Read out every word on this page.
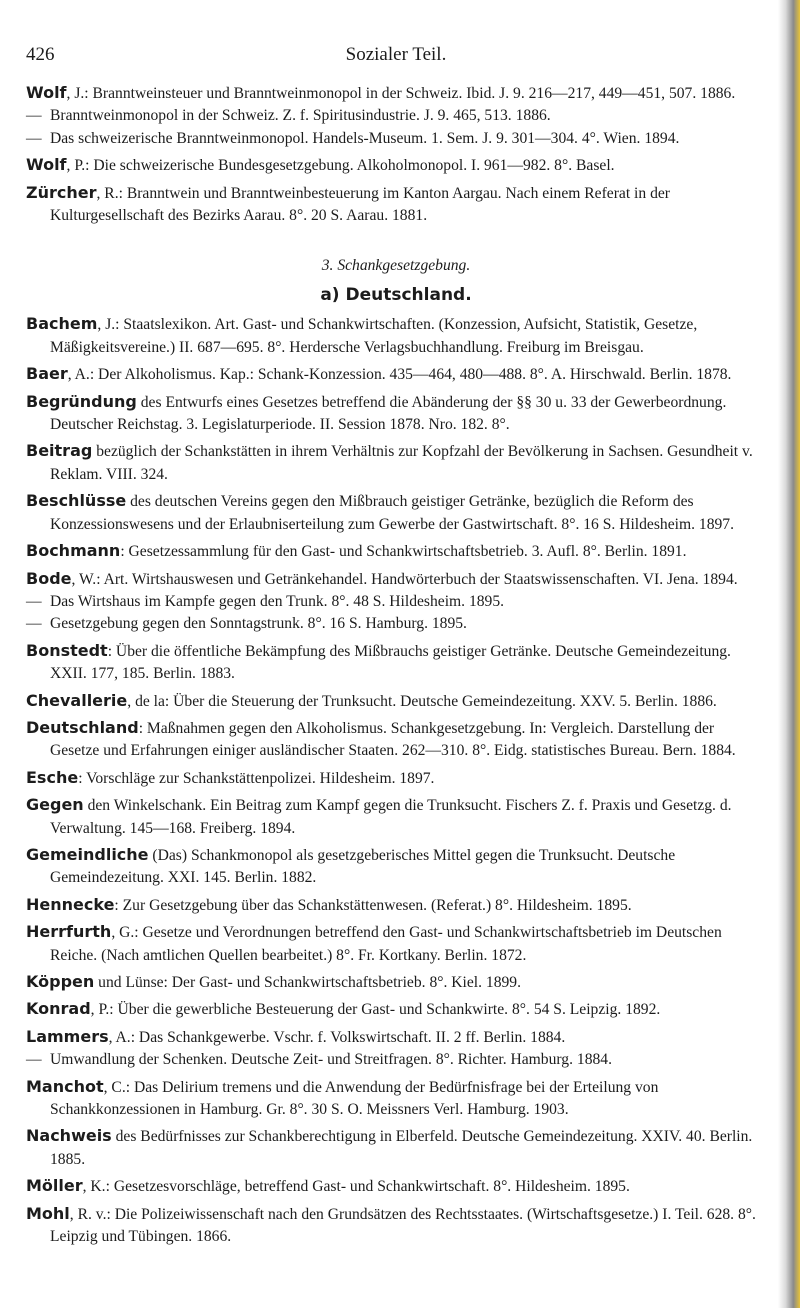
426	Sozialer Teil.

Wolf, J.: Branntweinsteuer und Branntweinmonopol in der Schweiz. Ibid. J. 9. 216—217, 449—451, 507. 1886.

— Branntweinmonopol in der Schweiz. Z. f. Spiritusindustrie. J. 9. 465, 513. 1886.

— Das schweizerische Branntweinmonopol. Handels-Museum. 1. Sem. J. 9. 301—304. 4°. Wien. 1894.

Wolf, P.: Die schweizerische Bundesgesetzgebung. Alkoholmonopol. I. 961—982. 8°. Basel.

Zürcher, R.: Branntwein und Branntweinbesteuerung im Kanton Aargau. Nach einem Referat in der Kulturgesellschaft des Bezirks Aarau. 8°. 20 S. Aarau. 1881.

3. Schankgesetzgebung.
a) Deutschland.

Bachem, J.: Staatslexikon. Art. Gast- und Schankwirtschaften. (Konzession, Aufsicht, Statistik, Gesetze, Mäßigkeitsvereine.) II. 687—695. 8°. Herdersche Verlagsbuchhandlung. Freiburg im Breisgau.

Baer, A.: Der Alkoholismus. Kap.: Schank-Konzession. 435—464, 480—488. 8°. A. Hirschwald. Berlin. 1878.

Begründung des Entwurfs eines Gesetzes betreffend die Abänderung der §§ 30 u. 33 der Gewerbeordnung. Deutscher Reichstag. 3. Legislaturperiode. II. Session 1878. Nro. 182. 8°.

Beitrag bezüglich der Schankstätten in ihrem Verhältnis zur Kopfzahl der Bevölkerung in Sachsen. Gesundheit v. Reklam. VIII. 324.

Beschlüsse des deutschen Vereins gegen den Mißbrauch geistiger Getränke, bezüglich die Reform des Konzessionswesens und der Erlaubniserteilung zum Gewerbe der Gastwirtschaft. 8°. 16 S. Hildesheim. 1897.

Bochmann: Gesetzessammlung für den Gast- und Schankwirtschaftsbetrieb. 3. Aufl. 8°. Berlin. 1891.

Bode, W.: Art. Wirtshauswesen und Getränkehandel. Handwörterbuch der Staatswissenschaften. VI. Jena. 1894.

— Das Wirtshaus im Kampfe gegen den Trunk. 8°. 48 S. Hildesheim. 1895.

— Gesetzgebung gegen den Sonntagstrunk. 8°. 16 S. Hamburg. 1895.

Bonstedt: Über die öffentliche Bekämpfung des Mißbrauchs geistiger Getränke. Deutsche Gemeindezeitung. XXII. 177, 185. Berlin. 1883.

Chevallerie, de la: Über die Steuerung der Trunksucht. Deutsche Gemeindezeitung. XXV. 5. Berlin. 1886.

Deutschland: Maßnahmen gegen den Alkoholismus. Schankgesetzgebung. In: Vergleich. Darstellung der Gesetze und Erfahrungen einiger ausländischer Staaten. 262—310. 8°. Eidg. statistisches Bureau. Bern. 1884.

Esche: Vorschläge zur Schankstättenpolizei. Hildesheim. 1897.

Gegen den Winkelschank. Ein Beitrag zum Kampf gegen die Trunksucht. Fischers Z. f. Praxis und Gesetzg. d. Verwaltung. 145—168. Freiberg. 1894.

Gemeindliche (Das) Schankmonopol als gesetzgeberisches Mittel gegen die Trunksucht. Deutsche Gemeindezeitung. XXI. 145. Berlin. 1882.

Hennecke: Zur Gesetzgebung über das Schankstättenwesen. (Referat.) 8°. Hildesheim. 1895.

Herrfurth, G.: Gesetze und Verordnungen betreffend den Gast- und Schankwirtschaftsbetrieb im Deutschen Reiche. (Nach amtlichen Quellen bearbeitet.) 8°. Fr. Kortkany. Berlin. 1872.

Köppen und Lünse: Der Gast- und Schankwirtschaftsbetrieb. 8°. Kiel. 1899.

Konrad, P.: Über die gewerbliche Besteuerung der Gast- und Schankwirte. 8°. 54 S. Leipzig. 1892.

Lammers, A.: Das Schankgewerbe. Vschr. f. Volkswirtschaft. II. 2 ff. Berlin. 1884.

— Umwandlung der Schenken. Deutsche Zeit- und Streitfragen. 8°. Richter. Hamburg. 1884.

Manchot, C.: Das Delirium tremens und die Anwendung der Bedürfnisfrage bei der Erteilung von Schankkonzessionen in Hamburg. Gr. 8°. 30 S. O. Meissners Verl. Hamburg. 1903.

Nachweis des Bedürfnisses zur Schankberechtigung in Elberfeld. Deutsche Gemeindezeitung. XXIV. 40. Berlin. 1885.

Möller, K.: Gesetzesvorschläge, betreffend Gast- und Schankwirtschaft. 8°. Hildesheim. 1895.

Mohl, R. v.: Die Polizeiwissenschaft nach den Grundsätzen des Rechtsstaates. (Wirtschaftsgesetze.) I. Teil. 628. 8°. Leipzig und Tübingen. 1866.
